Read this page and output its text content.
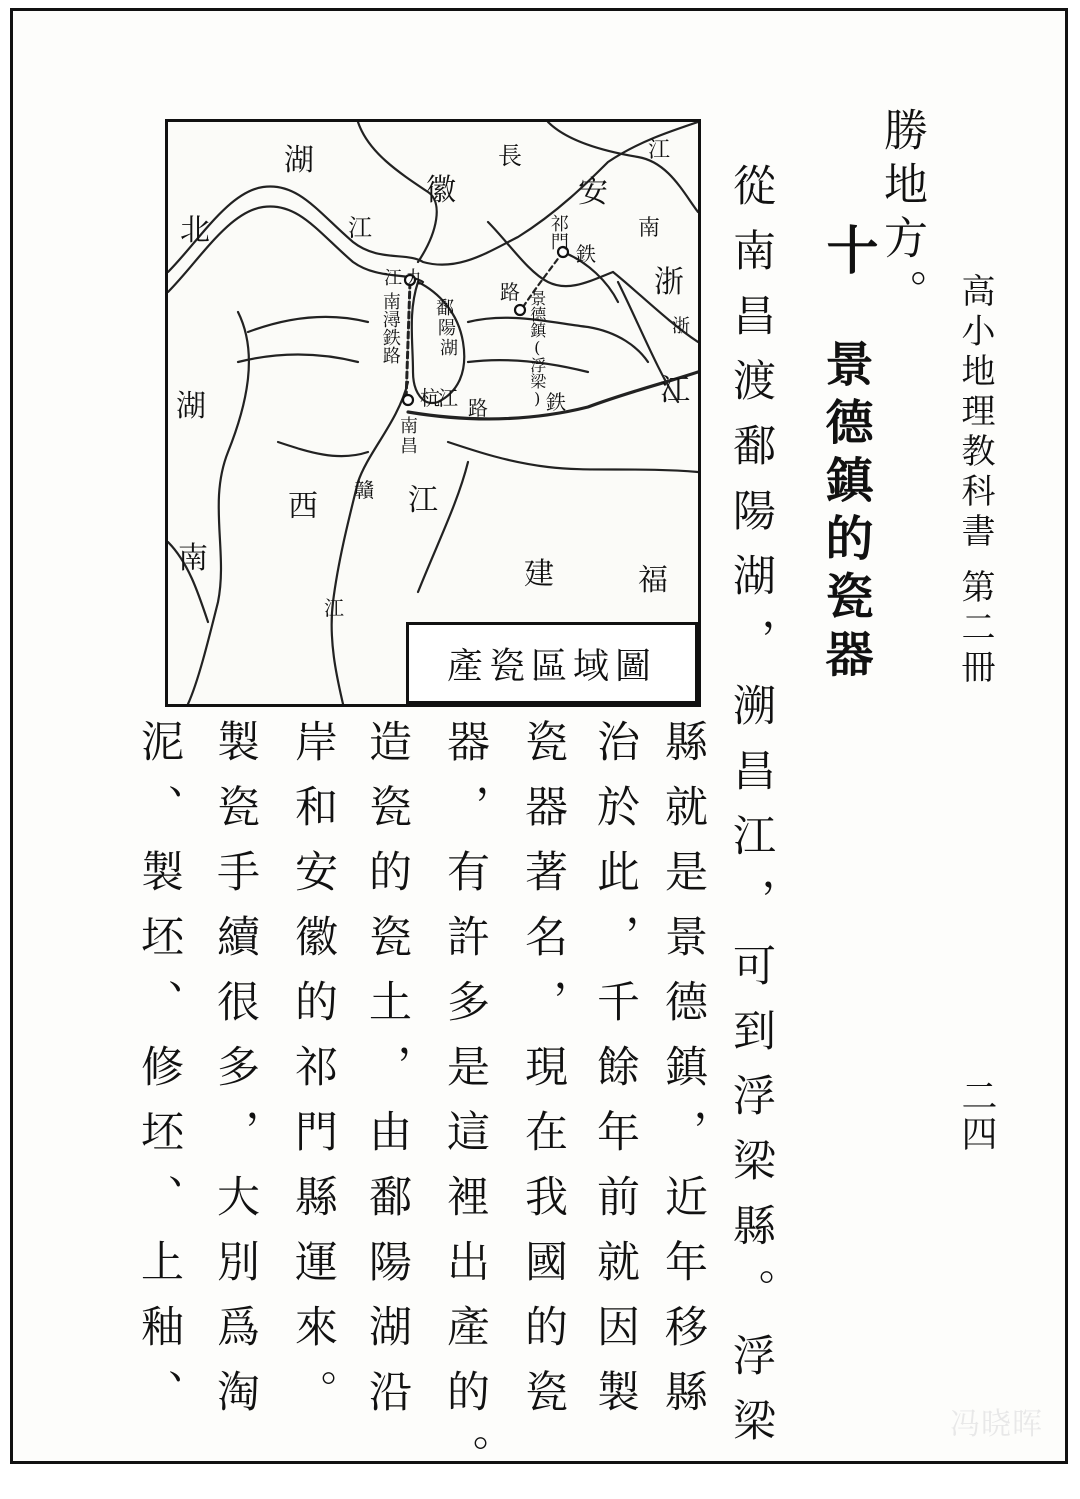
高小地理教科書第二冊
二四
勝地方。
十
景德鎮的瓷器
從南昌渡鄱陽湖，溯昌江，可到浮梁縣。浮梁
縣就是景德鎮，近年移縣
治於此，千餘年前就因製
瓷器著名，現在我國的瓷
器，有許多是這裡出產的。
造瓷的瓷土，由鄱陽湖沿
岸和安徽的祁門縣運來。
製瓷手續很多，大別爲淘
泥、製坯、修坯、上釉、
湖
北
湖
南
西	江
建	福
安
江
南
浙
江
長
江
徽
鄱
陽
湖
南
昌
九
江
贛
江
浙
南潯鉄路
祁門
鉄
路 景德鎮(浮梁)
杭
江	鉄
路
產瓷區域圖
冯晓晖
